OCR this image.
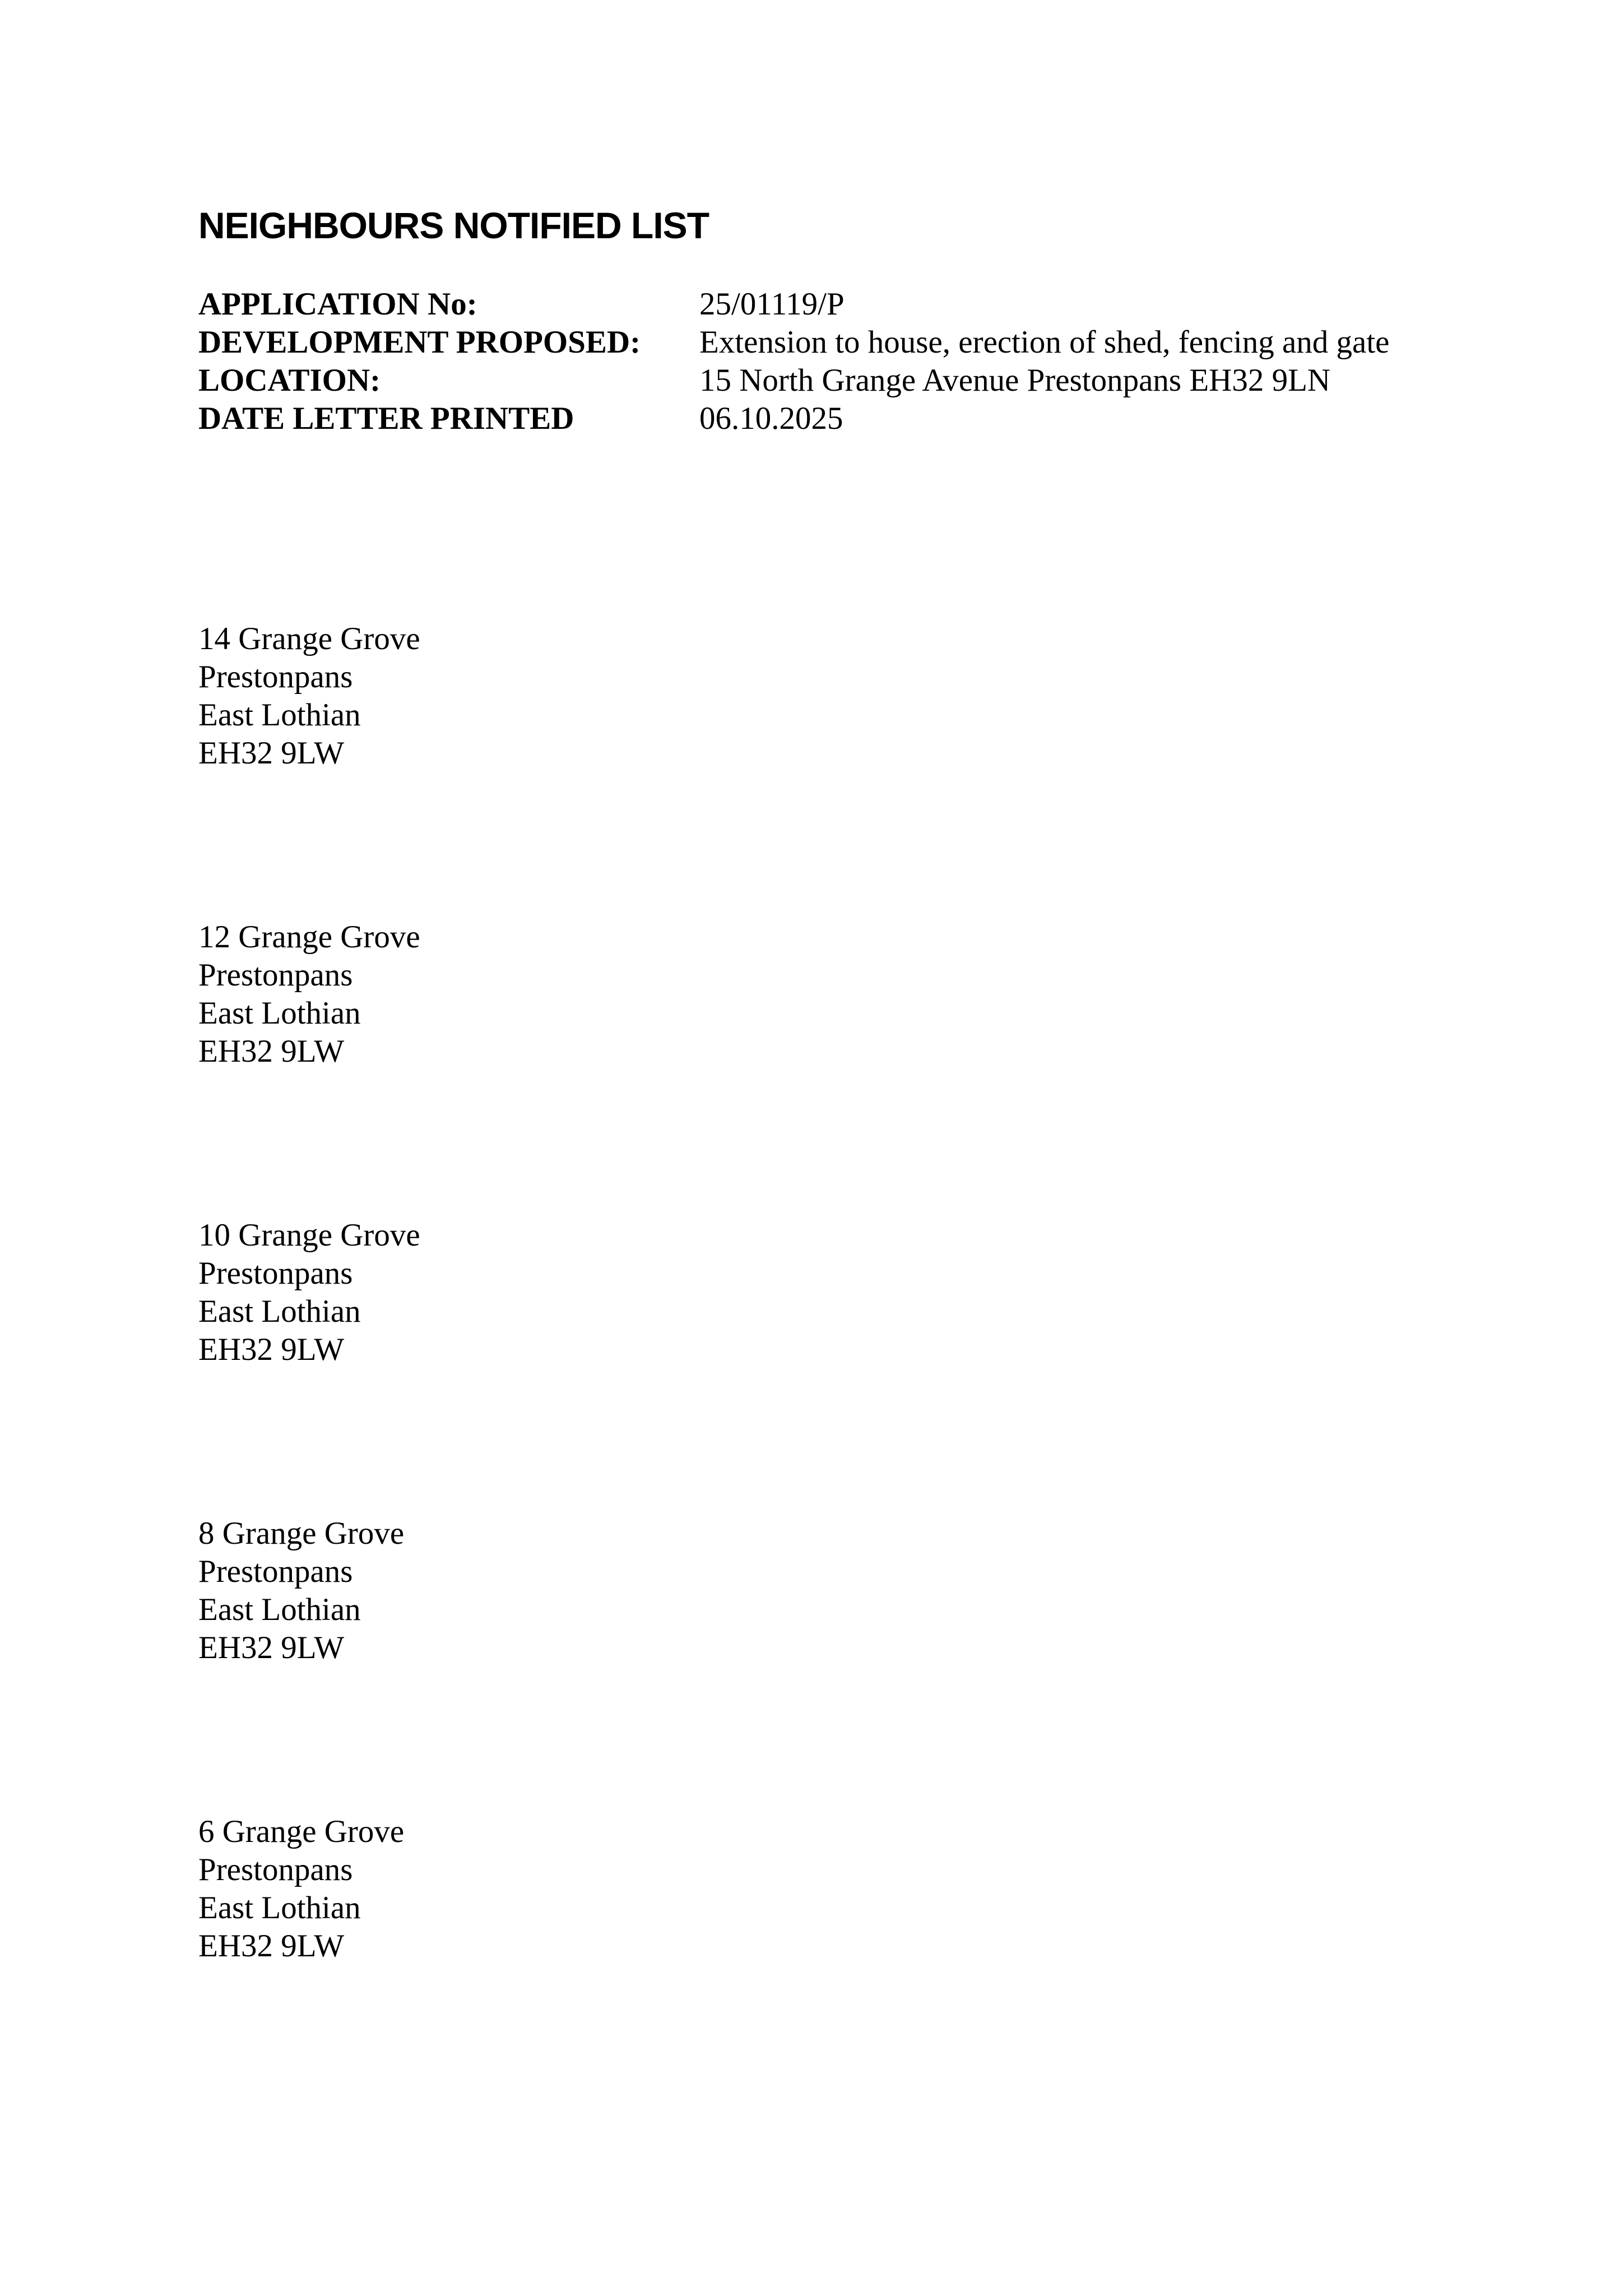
NEIGHBOURS NOTIFIED LIST
APPLICATION No:	25/01119/P
DEVELOPMENT PROPOSED: Extension to house, erection of shed, fencing and gate
LOCATION:	15 North Grange Avenue Prestonpans EH32 9LN
DATE LETTER PRINTED	06.10.2025
14 Grange Grove
Prestonpans
East Lothian
EH32 9LW
12 Grange Grove
Prestonpans
East Lothian
EH32 9LW
10 Grange Grove
Prestonpans
East Lothian
EH32 9LW
8 Grange Grove
Prestonpans
East Lothian
EH32 9LW
6 Grange Grove
Prestonpans
East Lothian
EH32 9LW
